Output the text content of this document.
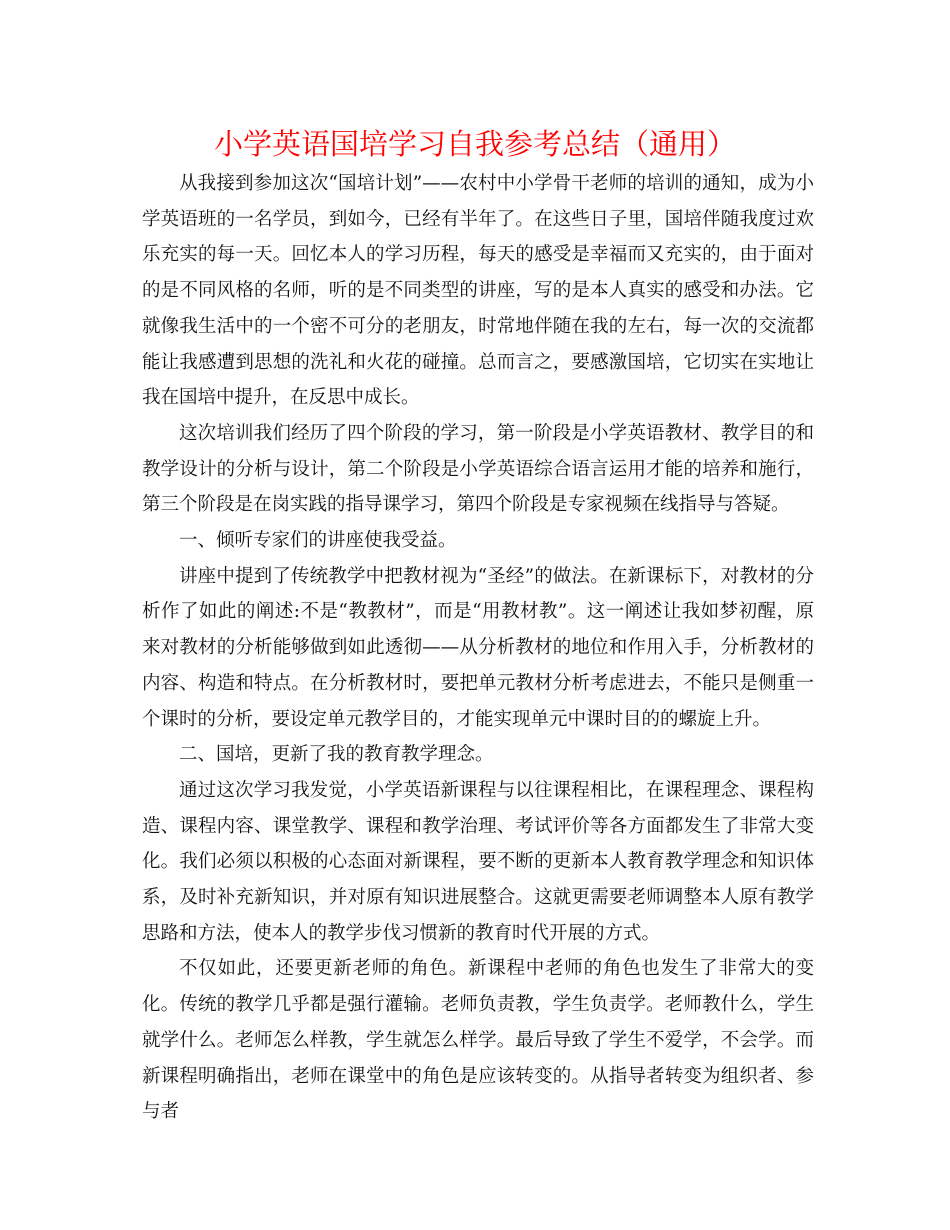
小学英语国培学习自我参考总结（通用）

从我接到参加这次“国培计划”——农村中小学骨干老师的培训的通知，成为小学英语班的一名学员，到如今，已经有半年了。在这些日子里，国培伴随我度过欢乐充实的每一天。回忆本人的学习历程，每天的感受是幸福而又充实的，由于面对的是不同风格的名师，听的是不同类型的讲座，写的是本人真实的感受和办法。它就像我生活中的一个密不可分的老朋友，时常地伴随在我的左右，每一次的交流都能让我感遭到思想的洗礼和火花的碰撞。总而言之，要感激国培，它切实在实地让我在国培中提升，在反思中成长。

这次培训我们经历了四个阶段的学习，第一阶段是小学英语教材、教学目的和教学设计的分析与设计，第二个阶段是小学英语综合语言运用才能的培养和施行，第三个阶段是在岗实践的指导课学习，第四个阶段是专家视频在线指导与答疑。

一、倾听专家们的讲座使我受益。

讲座中提到了传统教学中把教材视为“圣经”的做法。在新课标下，对教材的分析作了如此的阐述:不是“教教材”，而是“用教材教”。这一阐述让我如梦初醒，原来对教材的分析能够做到如此透彻——从分析教材的地位和作用入手，分析教材的内容、构造和特点。在分析教材时，要把单元教材分析考虑进去，不能只是侧重一个课时的分析，要设定单元教学目的，才能实现单元中课时目的的螺旋上升。

二、国培，更新了我的教育教学理念。

通过这次学习我发觉，小学英语新课程与以往课程相比，在课程理念、课程构造、课程内容、课堂教学、课程和教学治理、考试评价等各方面都发生了非常大变化。我们必须以积极的心态面对新课程，要不断的更新本人教育教学理念和知识体系，及时补充新知识，并对原有知识进展整合。这就更需要老师调整本人原有教学思路和方法，使本人的教学步伐习惯新的教育时代开展的方式。

不仅如此，还要更新老师的角色。新课程中老师的角色也发生了非常大的变化。传统的教学几乎都是强行灌输。老师负责教，学生负责学。老师教什么，学生就学什么。老师怎么样教，学生就怎么样学。最后导致了学生不爱学，不会学。而新课程明确指出，老师在课堂中的角色是应该转变的。从指导者转变为组织者、参与者
